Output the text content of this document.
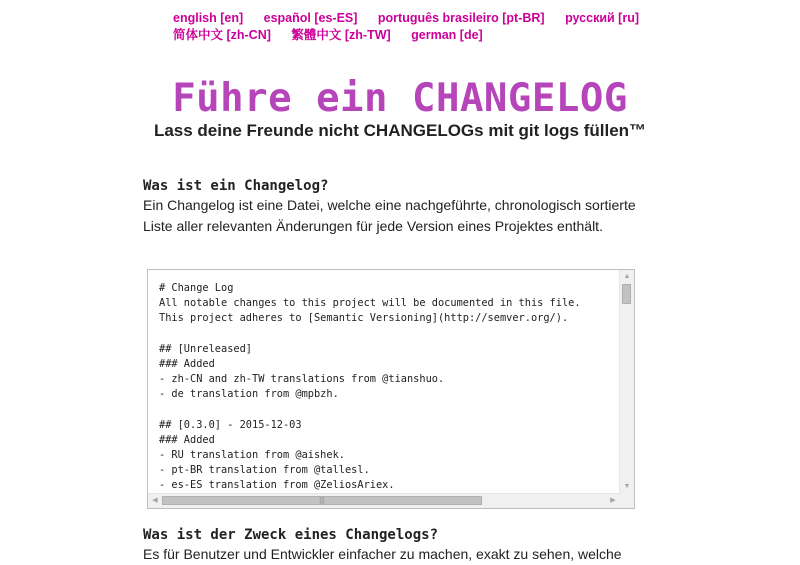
english [en] español [es-ES] português brasileiro [pt-BR] русский [ru]
简体中文 [zh-CN] 繁體中文 [zh-TW] german [de]
Führe ein CHANGELOG

Lass deine Freunde nicht CHANGELOGs mit git logs füllen™

Was ist ein Changelog?

Ein Changelog ist eine Datei, welche eine nachgeführte, chronologisch sortierte Liste aller relevanten Änderungen für jede Version eines Projektes enthält.

# Change Log
All notable changes to this project will be documented in this file.
This project adheres to [Semantic Versioning](http://semver.org/).
## [Unreleased]
### Added
- zh-CN and zh-TW translations from @tianshuo.
- de translation from @mpbzh.
## [0.3.0] - 2015-12-03
### Added
- RU translation from @aishek.
- pt-BR translation from @tallesl.
- es-ES translation from @ZeliosAriex.
▲
▼
◀	|||	▶
Was ist der Zweck eines Changelogs?

Es für Benutzer und Entwickler einfacher zu machen, exakt zu sehen, welche
